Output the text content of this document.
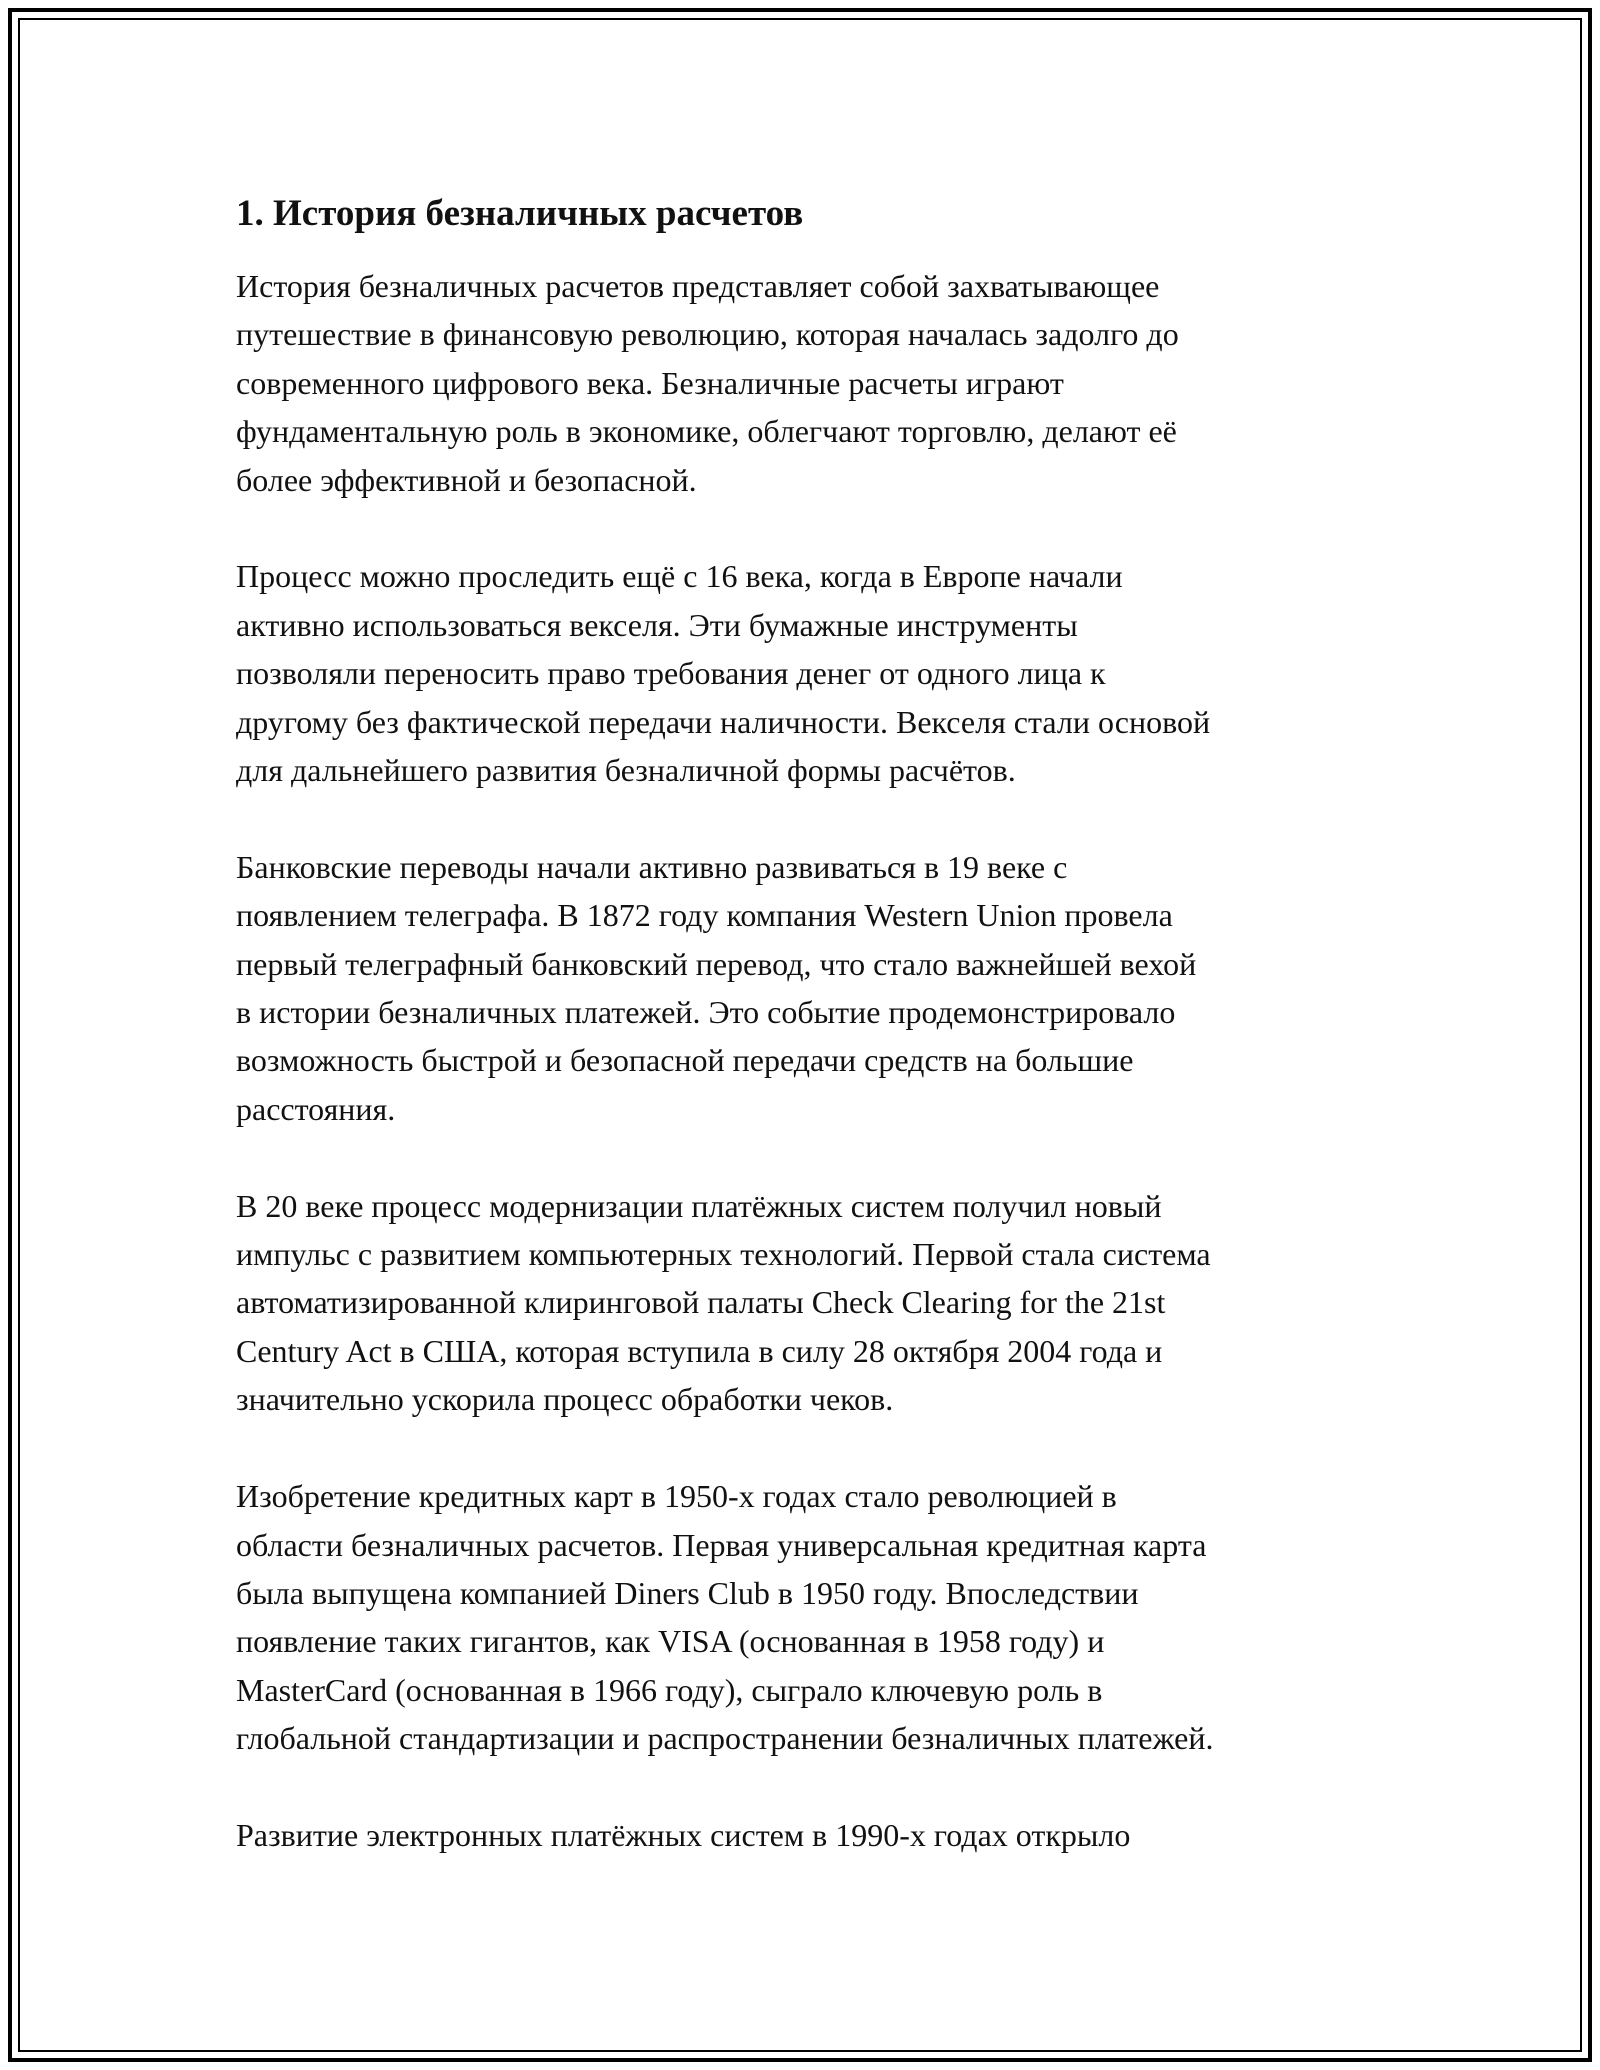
1. История безналичных расчетов

История безналичных расчетов представляет собой захватывающее
путешествие в финансовую революцию, которая началась задолго до
современного цифрового века. Безналичные расчеты играют
фундаментальную роль в экономике, облегчают торговлю, делают её
более эффективной и безопасной.

Процесс можно проследить ещё с 16 века, когда в Европе начали
активно использоваться векселя. Эти бумажные инструменты
позволяли переносить право требования денег от одного лица к
другому без фактической передачи наличности. Векселя стали основой
для дальнейшего развития безналичной формы расчётов.

Банковские переводы начали активно развиваться в 19 веке с
появлением телеграфа. В 1872 году компания Western Union провела
первый телеграфный банковский перевод, что стало важнейшей вехой
в истории безналичных платежей. Это событие продемонстрировало
возможность быстрой и безопасной передачи средств на большие
расстояния.

В 20 веке процесс модернизации платёжных систем получил новый
импульс с развитием компьютерных технологий. Первой стала система
автоматизированной клиринговой палаты Check Clearing for the 21st
Century Act в США, которая вступила в силу 28 октября 2004 года и
значительно ускорила процесс обработки чеков.

Изобретение кредитных карт в 1950-х годах стало революцией в
области безналичных расчетов. Первая универсальная кредитная карта
была выпущена компанией Diners Club в 1950 году. Впоследствии
появление таких гигантов, как VISA (основанная в 1958 году) и
MasterCard (основанная в 1966 году), сыграло ключевую роль в
глобальной стандартизации и распространении безналичных платежей.

Развитие электронных платёжных систем в 1990-х годах открыло
